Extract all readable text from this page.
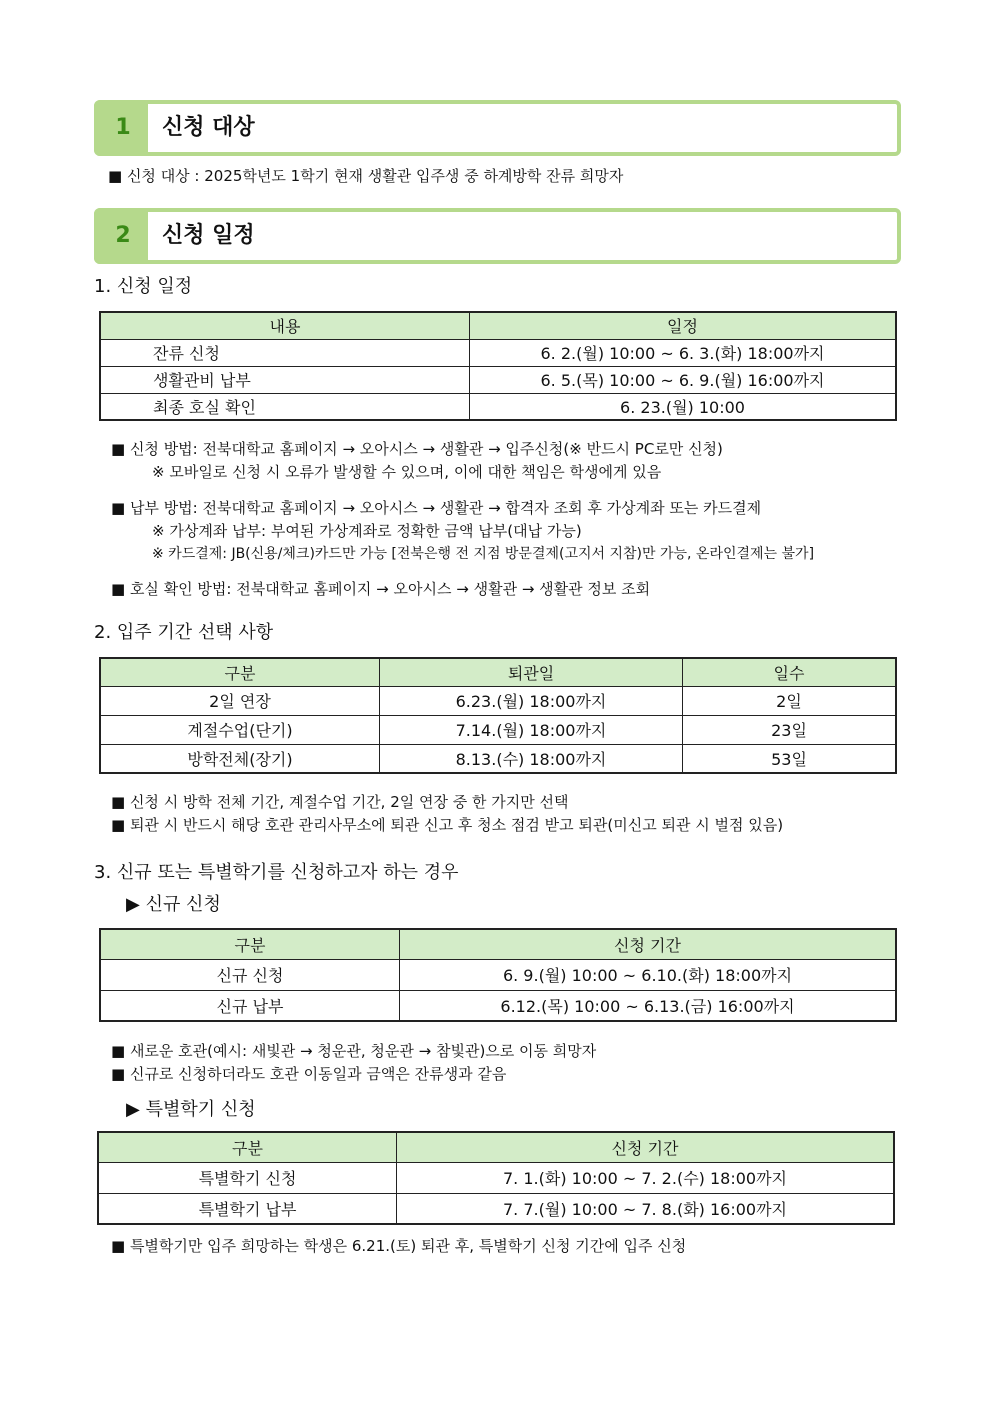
1	신청 대상
■ 신청 대상 : 2025학년도 1학기 현재 생활관 입주생 중 하계방학 잔류 희망자
2	신청 일정
1. 신청 일정
내용	일정
잔류 신청	6. 2.(월) 10:00 ~ 6. 3.(화) 18:00까지
생활관비 납부	6. 5.(목) 10:00 ~ 6. 9.(월) 16:00까지
최종 호실 확인	6. 23.(월) 10:00
■ 신청 방법: 전북대학교 홈페이지 → 오아시스 → 생활관 → 입주신청(※ 반드시 PC로만 신청)
※ 모바일로 신청 시 오류가 발생할 수 있으며, 이에 대한 책임은 학생에게 있음
■ 납부 방법: 전북대학교 홈페이지 → 오아시스 → 생활관 → 합격자 조회 후 가상계좌 또는 카드결제
※ 가상계좌 납부: 부여된 가상계좌로 정확한 금액 납부(대납 가능)
※ 카드결제: JB(신용/체크)카드만 가능 [전북은행 전 지점 방문결제(고지서 지참)만 가능, 온라인결제는 불가]
■ 호실 확인 방법: 전북대학교 홈페이지 → 오아시스 → 생활관 → 생활관 정보 조회
2. 입주 기간 선택 사항
구분	퇴관일	일수
2일 연장	6.23.(월) 18:00까지	2일
계절수업(단기)	7.14.(월) 18:00까지	23일
방학전체(장기)	8.13.(수) 18:00까지	53일
■ 신청 시 방학 전체 기간, 계절수업 기간, 2일 연장 중 한 가지만 선택
■ 퇴관 시 반드시 해당 호관 관리사무소에 퇴관 신고 후 청소 점검 받고 퇴관(미신고 퇴관 시 벌점 있음)
3. 신규 또는 특별학기를 신청하고자 하는 경우
▶ 신규 신청
구분	신청 기간
신규 신청	6. 9.(월) 10:00 ~ 6.10.(화) 18:00까지
신규 납부	6.12.(목) 10:00 ~ 6.13.(금) 16:00까지
■ 새로운 호관(예시: 새빛관 → 청운관, 청운관 → 참빛관)으로 이동 희망자
■ 신규로 신청하더라도 호관 이동일과 금액은 잔류생과 같음
▶ 특별학기 신청
구분	신청 기간
특별학기 신청	7. 1.(화) 10:00 ~ 7. 2.(수) 18:00까지
특별학기 납부	7. 7.(월) 10:00 ~ 7. 8.(화) 16:00까지
■ 특별학기만 입주 희망하는 학생은 6.21.(토) 퇴관 후, 특별학기 신청 기간에 입주 신청
